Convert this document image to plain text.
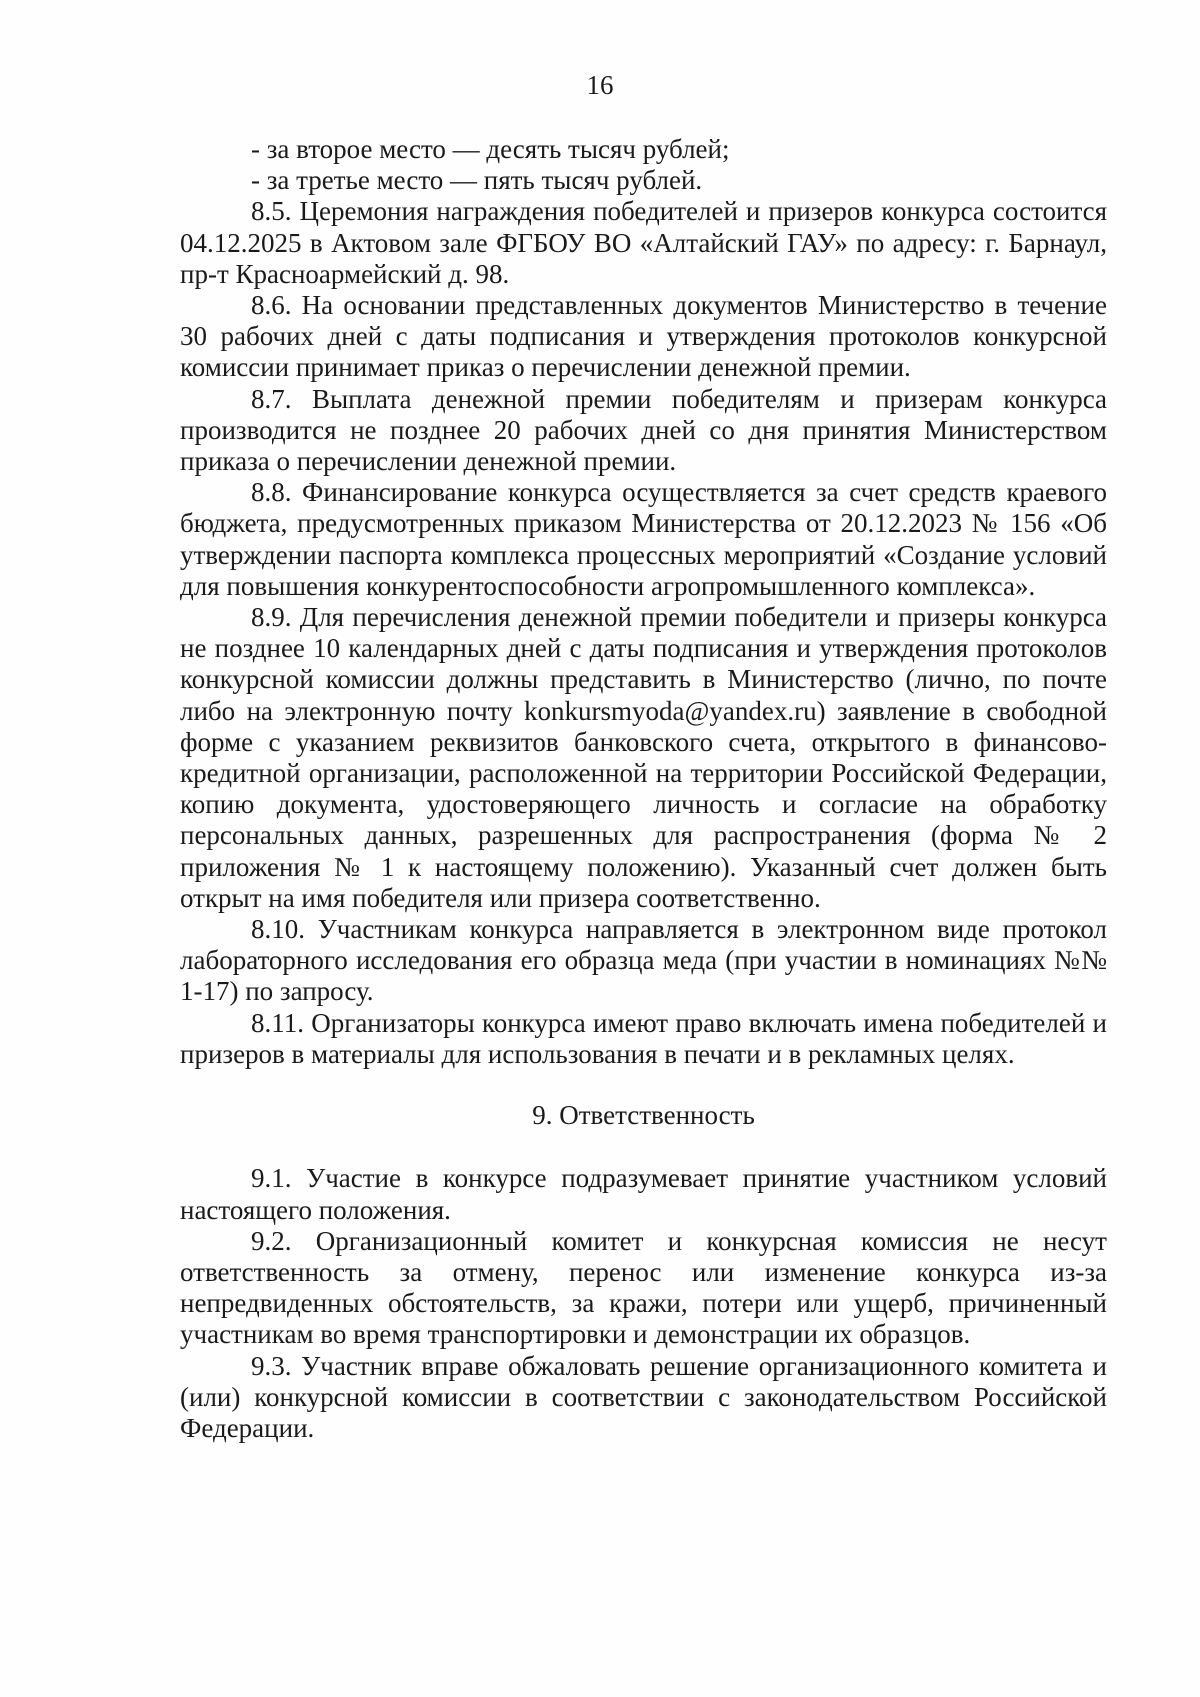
16

- за второе место — десять тысяч рублей;

- за третье место — пять тысяч рублей.

8.5. Церемония награждения победителей и призеров конкурса состоится 04.12.2025 в Актовом зале ФГБОУ ВО «Алтайский ГАУ» по адресу: г. Барнаул, пр-т Красноармейский д. 98.

8.6. На основании представленных документов Министерство в течение 30 рабочих дней с даты подписания и утверждения протоколов конкурсной комиссии принимает приказ о перечислении денежной премии.

8.7. Выплата денежной премии победителям и призерам конкурса производится не позднее 20 рабочих дней со дня принятия Министерством приказа о перечислении денежной премии.

8.8. Финансирование конкурса осуществляется за счет средств краевого бюджета, предусмотренных приказом Министерства от 20.12.2023 № 156 «Об утверждении паспорта комплекса процессных мероприятий «Создание условий для повышения конкурентоспособности агропромышленного комплекса».

8.9. Для перечисления денежной премии победители и призеры конкурса не позднее 10 календарных дней с даты подписания и утверждения протоколов конкурсной комиссии должны представить в Министерство (лично, по почте либо на электронную почту konkursmyoda@yandex.ru) заявление в свободной форме с указанием реквизитов банковского счета, открытого в финансово-кредитной организации, расположенной на территории Российской Федерации, копию документа, удостоверяющего личность и согласие на обработку персональных данных, разрешенных для распространения (форма № 2 приложения № 1 к настоящему положению). Указанный счет должен быть открыт на имя победителя или призера соответственно.

8.10. Участникам конкурса направляется в электронном виде протокол лабораторного исследования его образца меда (при участии в номинациях №№ 1-17) по запросу.

8.11. Организаторы конкурса имеют право включать имена победителей и призеров в материалы для использования в печати и в рекламных целях.

9. Ответственность

9.1. Участие в конкурсе подразумевает принятие участником условий настоящего положения.

9.2. Организационный комитет и конкурсная комиссия не несут ответственность за отмену, перенос или изменение конкурса из-за непредвиденных обстоятельств, за кражи, потери или ущерб, причиненный участникам во время транспортировки и демонстрации их образцов.

9.3. Участник вправе обжаловать решение организационного комитета и (или) конкурсной комиссии в соответствии с законодательством Российской Федерации.
